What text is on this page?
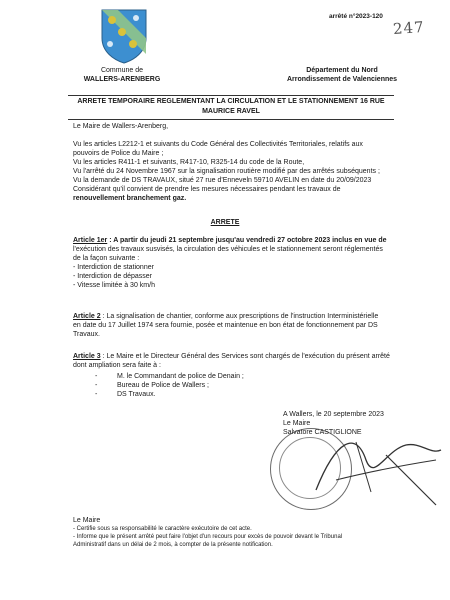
arrêté n°2023-120
247
Commune de
WALLERS-ARENBERG
Département du Nord
Arrondissement de Valenciennes
ARRETE TEMPORAIRE REGLEMENTANT LA CIRCULATION ET LE STATIONNEMENT 16 RUE
MAURICE RAVEL
Le Maire de Wallers-Arenberg,
Vu les articles L2212-1 et suivants du Code Général des Collectivités Territoriales, relatifs aux
pouvoirs de Police du Maire ;
Vu les articles R411-1 et suivants, R417-10, R325-14 du code de la Route,
Vu l'arrêté du 24 Novembre 1967 sur la signalisation routière modifié par des arrêtés subséquents ;
Vu la demande de DS TRAVAUX, situé 27 rue d'Enneveln 59710 AVELIN en date du 20/09/2023
Considérant qu'il convient de prendre les mesures nécessaires pendant les travaux de
renouvellement branchement gaz.
ARRETE
Article 1er : A partir du jeudi 21 septembre jusqu'au vendredi 27 octobre 2023 inclus en vue de
l'exécution des travaux susvisés, la circulation des véhicules et le stationnement seront réglementés
de la façon suivante :
- Interdiction de stationner
- Interdiction de dépasser
- Vitesse limitée à 30 km/h
Article 2 : La signalisation de chantier, conforme aux prescriptions de l'instruction Interministérielle
en date du 17 Juillet 1974 sera fournie, posée et maintenue en bon état de fonctionnement par DS
Travaux.
Article 3 : Le Maire et le Directeur Général des Services sont chargés de l'exécution du présent arrêté
dont ampliation sera faite à :
- M. le Commandant de police de Denain ;
- Bureau de Police de Wallers ;
- DS Travaux.
A Wallers, le 20 septembre 2023
Le Maire
Salvatore CASTIGLIONE
Le Maire
- Certifie sous sa responsabilité le caractère exécutoire de cet acte.
- Informe que le présent arrêté peut faire l'objet d'un recours pour excès de pouvoir devant le Tribunal
Administratif dans un délai de 2 mois, à compter de la présente notification.
